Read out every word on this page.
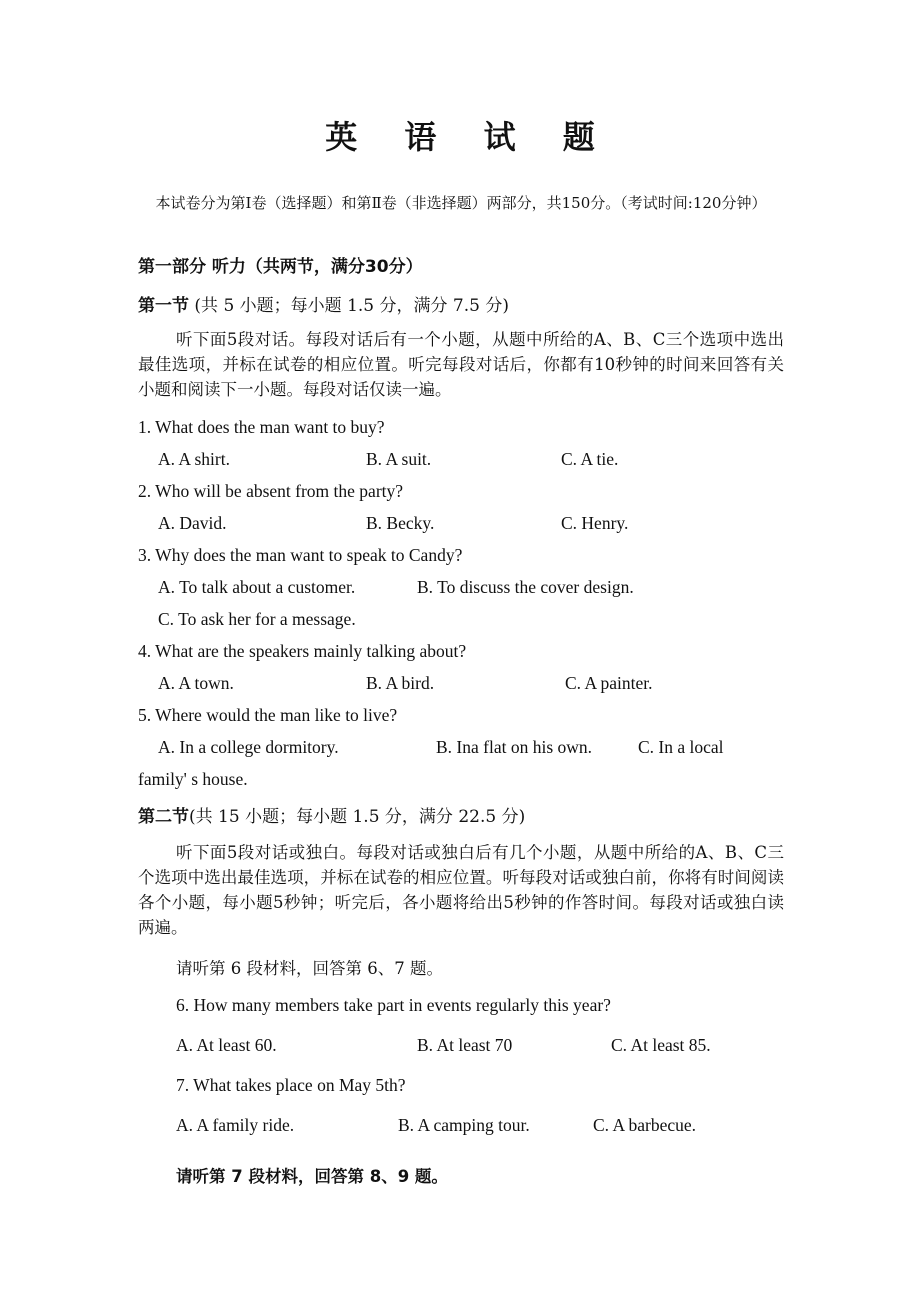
英 语 试 题
本试卷分为第Ⅰ卷（选择题）和第Ⅱ卷（非选择题）两部分，共150分。（考试时间:120分钟）
第一部分 听力（共两节，满分30分）
第一节 (共 5 小题；每小题 1.5 分，满分 7.5 分)
听下面5段对话。每段对话后有一个小题，从题中所给的A、B、C三个选项中选出最佳选项，并标在试卷的相应位置。听完每段对话后，你都有10秒钟的时间来回答有关小题和阅读下一小题。每段对话仅读一遍。
1. What does the man want to buy?
A. A shirt.	B. A suit.	C. A tie.
2. Who will be absent from the party?
A. David.	B. Becky.	C. Henry.
3. Why does the man want to speak to Candy?
A. To talk about a customer.	B. To discuss the cover design.
C. To ask her for a message.
4. What are the speakers mainly talking about?
A. A town.	B. A bird.	C. A painter.
5. Where would the man like to live?
A. In a college dormitory.	B. Ina flat on his own.	C. In a local
family' s house.
第二节(共 15 小题；每小题 1.5 分，满分 22.5 分)
听下面5段对话或独白。每段对话或独白后有几个小题，从题中所给的A、B、C三个选项中选出最佳选项，并标在试卷的相应位置。听每段对话或独白前，你将有时间阅读各个小题，每小题5秒钟；听完后，各小题将给出5秒钟的作答时间。每段对话或独白读两遍。
请听第 6 段材料，回答第 6、7 题。
6. How many members take part in events regularly this year?
A. At least 60.	B. At least 70	C. At least 85.
7. What takes place on May 5th?
A. A family ride.	B. A camping tour.	C. A barbecue.
请听第 7 段材料，回答第 8、9 题。
